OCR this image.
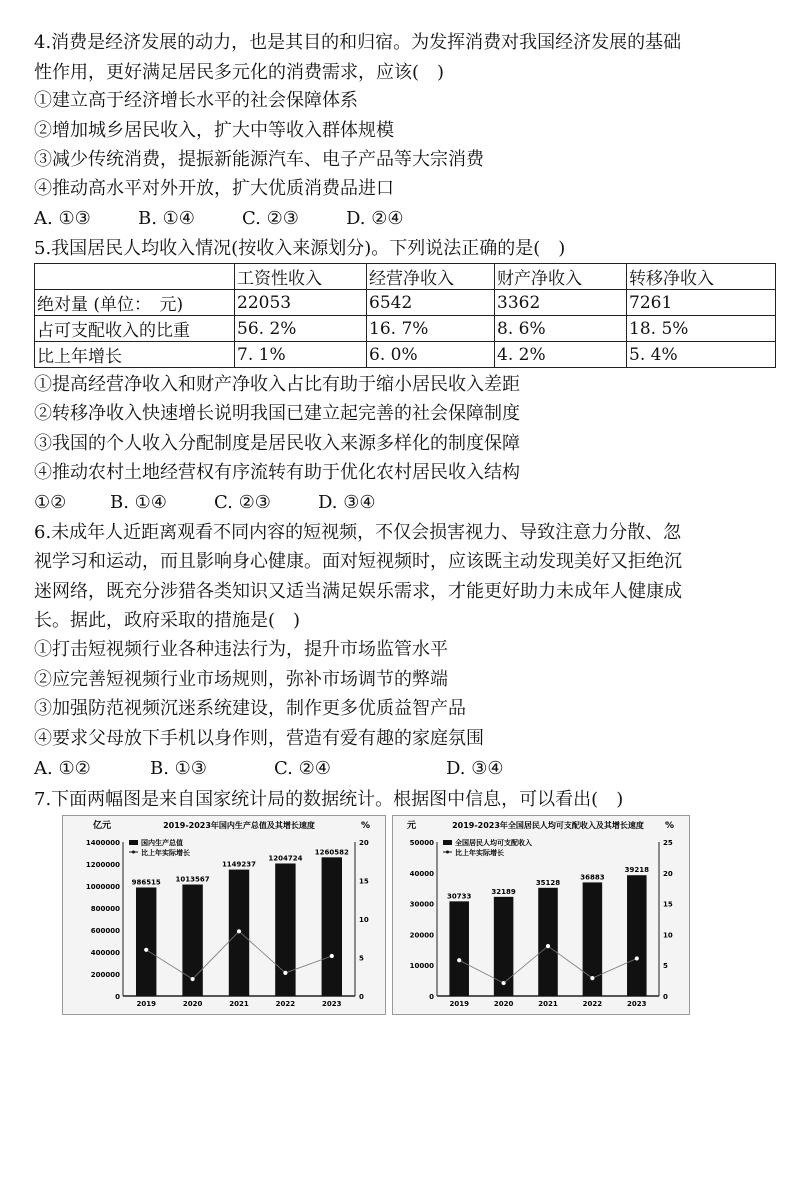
4.消费是经济发展的动力，也是其目的和归宿。为发挥消费对我国经济发展的基础
性作用，更好满足居民多元化的消费需求，应该(　)
①建立高于经济增长水平的社会保障体系
②增加城乡居民收入，扩大中等收入群体规模
③减少传统消费，提振新能源汽车、电子产品等大宗消费
④推动高水平对外开放，扩大优质消费品进口
A. ①③	B. ①④	C. ②③	D. ②④
5.我国居民人均收入情况(按收入来源划分)。下列说法正确的是(　)
	工资性收入	经营净收入	财产净收入	转移净收入
绝对量 (单位：　元)	22053	6542	3362	7261
占可支配收入的比重	56. 2%	16. 7%	8. 6%	18. 5%
比上年增长	7. 1%	6. 0%	4. 2%	5. 4%
①提高经营净收入和财产净收入占比有助于缩小居民收入差距
②转移净收入快速增长说明我国已建立起完善的社会保障制度
③我国的个人收入分配制度是居民收入来源多样化的制度保障
④推动农村土地经营权有序流转有助于优化农村居民收入结构
①② B. ①④	C. ②③	D. ③④
6.未成年人近距离观看不同内容的短视频，不仅会损害视力、导致注意力分散、忽
视学习和运动，而且影响身心健康。面对短视频时，应该既主动发现美好又拒绝沉
迷网络，既充分涉猎各类知识又适当满足娱乐需求，才能更好助力未成年人健康成
长。据此，政府采取的措施是(　)
①打击短视频行业各种违法行为，提升市场监管水平
②应完善短视频行业市场规则，弥补市场调节的弊端
③加强防范视频沉迷系统建设，制作更多优质益智产品
④要求父母放下手机以身作则，营造有爱有趣的家庭氛围
A. ①②	B. ①③	C. ②④	D. ③④
7.下面两幅图是来自国家统计局的数据统计。根据图中信息，可以看出(　)
2019-2023年国内生产总值及其增长速度
亿元	%
0
200000
400000
600000
800000
1000000
1200000
1400000
0
5
10
15
20
986515
2019
1013567
2020
1149237
2021
1204724
2022
1260582
2023
国内生产总值
比上年实际增长
2019-2023年全国居民人均可支配收入及其增长速度
元	%
0
10000
20000
30000
40000
50000
0
5
10
15
20
25
30733
2019
32189
2020
35128
2021
36883
2022
39218
2023
全国居民人均可支配收入
比上年实际增长
